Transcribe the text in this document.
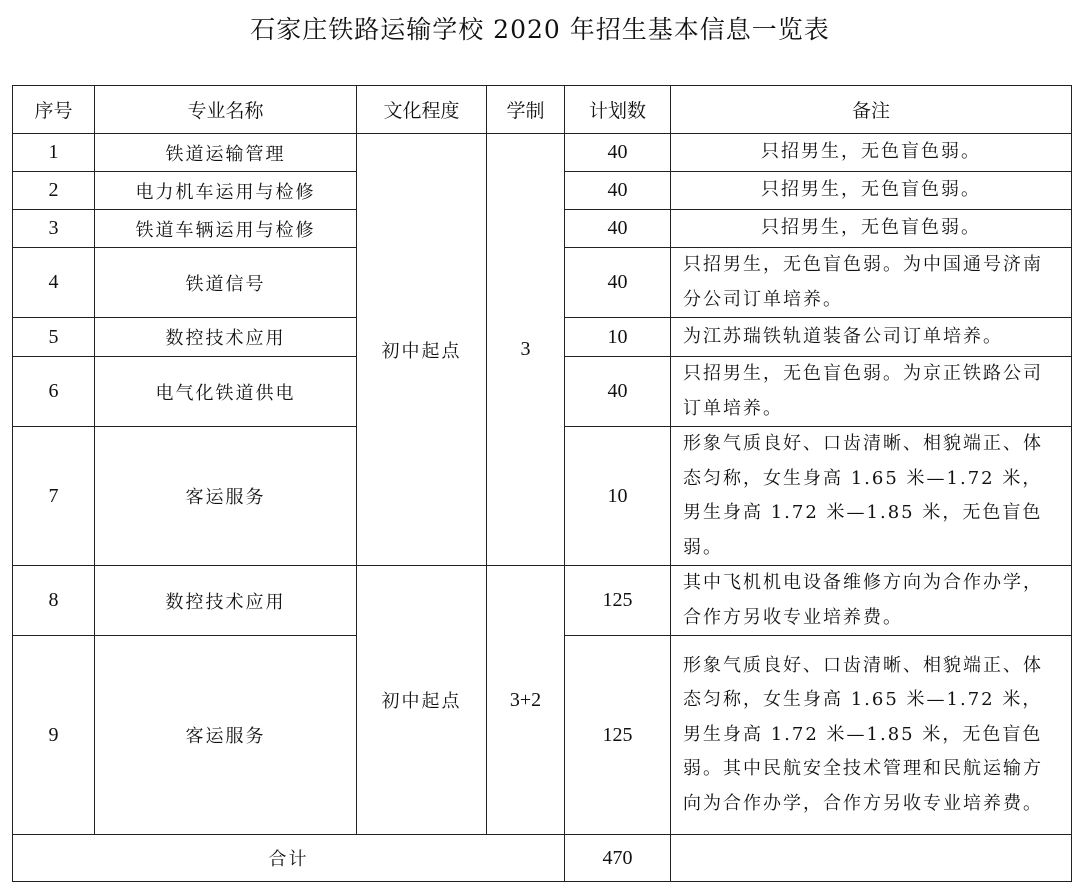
石家庄铁路运输学校 2020 年招生基本信息一览表
序号	专业名称	文化程度	学制	计划数	备注
1	铁道运输管理	初中起点	3	40	只招男生，无色盲色弱。
2	电力机车运用与检修			40	只招男生，无色盲色弱。
3	铁道车辆运用与检修			40	只招男生，无色盲色弱。
4	铁道信号			40	只招男生，无色盲色弱。为中国通号济南分公司订单培养。
5	数控技术应用			10	为江苏瑞铁轨道装备公司订单培养。
6	电气化铁道供电			40	只招男生，无色盲色弱。为京正铁路公司订单培养。
7	客运服务			10	形象气质良好、口齿清晰、相貌端正、体态匀称，女生身高 1.65 米—1.72 米，男生身高 1.72 米—1.85 米，无色盲色弱。
8	数控技术应用	初中起点	3+2	125	其中飞机机电设备维修方向为合作办学，合作方另收专业培养费。
9	客运服务			125	形象气质良好、口齿清晰、相貌端正、体态匀称，女生身高 1.65 米—1.72 米，男生身高 1.72 米—1.85 米，无色盲色弱。其中民航安全技术管理和民航运输方向为合作办学，合作方另收专业培养费。
合计				470	
